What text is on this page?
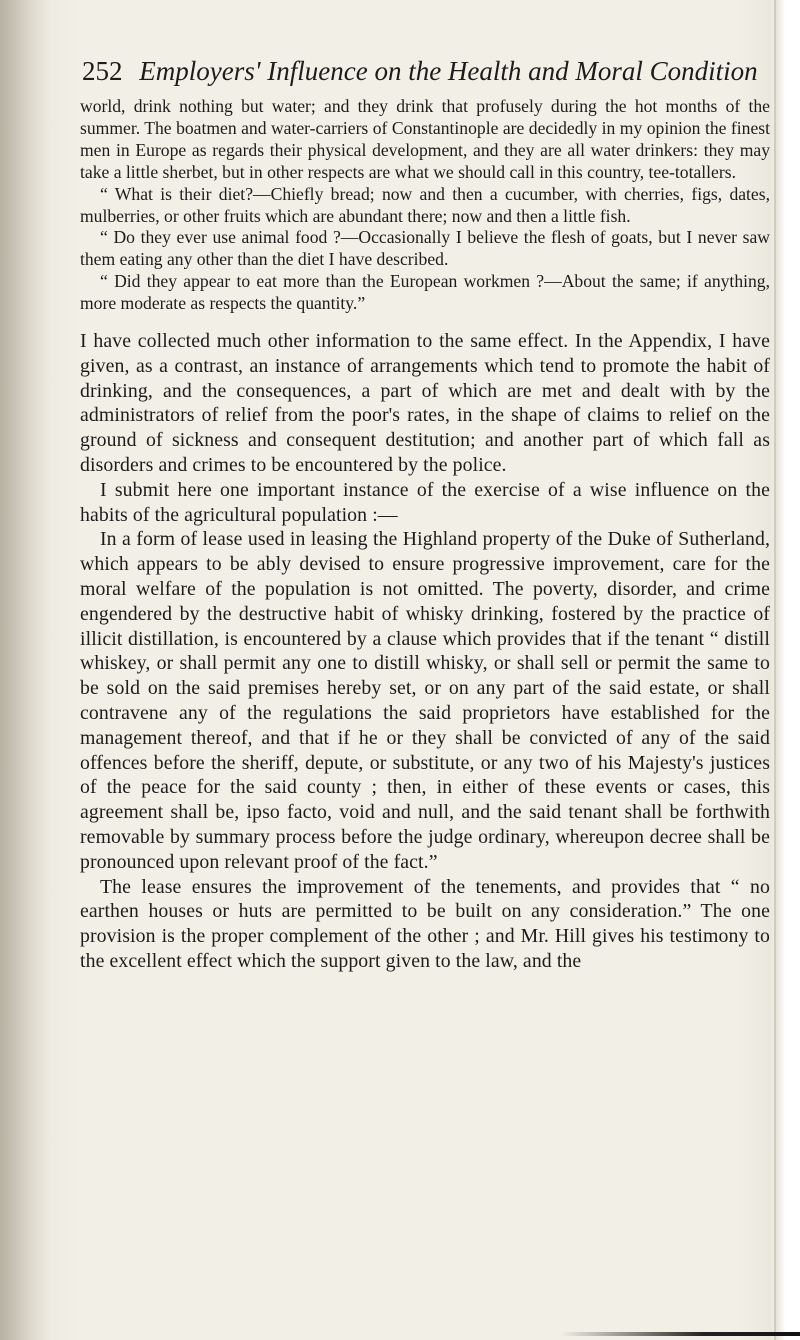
252 Employers' Influence on the Health and Moral Condition

world, drink nothing but water; and they drink that profusely during the hot months of the summer. The boatmen and water-carriers of Constantinople are decidedly in my opinion the finest men in Europe as regards their physical development, and they are all water drinkers: they may take a little sherbet, but in other respects are what we should call in this country, tee-totallers.

“ What is their diet?—Chiefly bread; now and then a cucumber, with cherries, figs, dates, mulberries, or other fruits which are abundant there; now and then a little fish.

“ Do they ever use animal food ?—Occasionally I believe the flesh of goats, but I never saw them eating any other than the diet I have described.

“ Did they appear to eat more than the European workmen ?—About the same; if anything, more moderate as respects the quantity.”

I have collected much other information to the same effect. In the Appendix, I have given, as a contrast, an instance of arrangements which tend to promote the habit of drinking, and the consequences, a part of which are met and dealt with by the administrators of relief from the poor's rates, in the shape of claims to relief on the ground of sickness and consequent destitution; and another part of which fall as disorders and crimes to be encountered by the police.

I submit here one important instance of the exercise of a wise influence on the habits of the agricultural population :—

In a form of lease used in leasing the Highland property of the Duke of Sutherland, which appears to be ably devised to ensure progressive improvement, care for the moral welfare of the population is not omitted. The poverty, disorder, and crime engendered by the destructive habit of whisky drinking, fostered by the practice of illicit distillation, is encountered by a clause which provides that if the tenant “ distill whiskey, or shall permit any one to distill whisky, or shall sell or permit the same to be sold on the said premises hereby set, or on any part of the said estate, or shall contravene any of the regulations the said proprietors have established for the management thereof, and that if he or they shall be convicted of any of the said offences before the sheriff, depute, or substitute, or any two of his Majesty's justices of the peace for the said county ; then, in either of these events or cases, this agreement shall be, ipso facto, void and null, and the said tenant shall be forthwith removable by summary process before the judge ordinary, whereupon decree shall be pronounced upon relevant proof of the fact.”

The lease ensures the improvement of the tenements, and provides that “ no earthen houses or huts are permitted to be built on any consideration.” The one provision is the proper complement of the other ; and Mr. Hill gives his testimony to the excellent effect which the support given to the law, and the
